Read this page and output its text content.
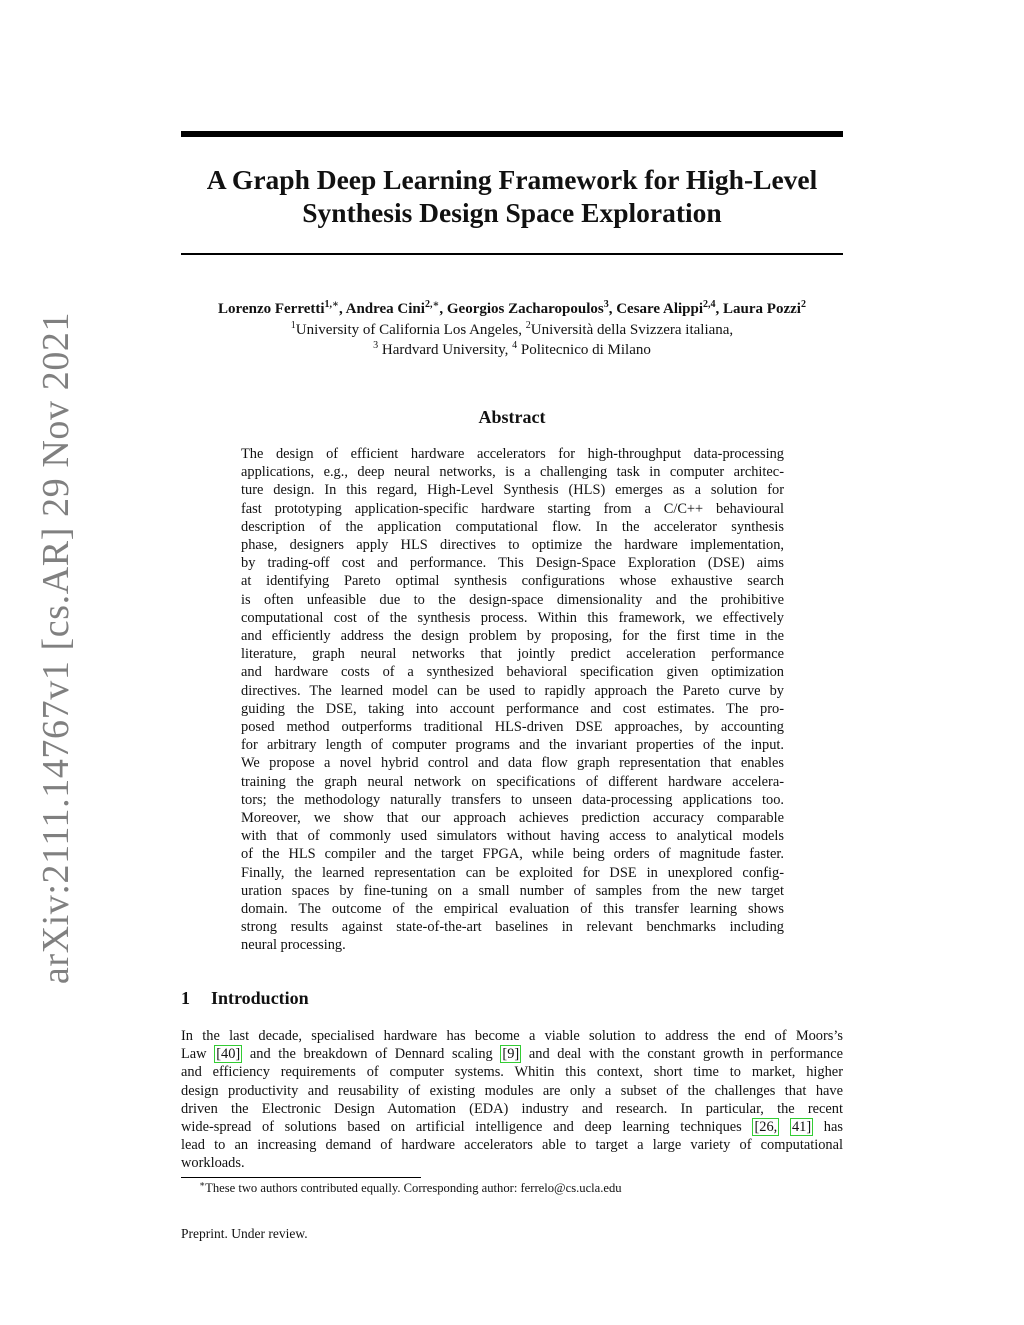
arXiv:2111.14767v1 [cs.AR] 29 Nov 2021
A Graph Deep Learning Framework for High-Level
Synthesis Design Space Exploration
Lorenzo Ferretti$^{1,∗}$, Andrea Cini$^{2,∗}$, Georgios Zacharopoulos$^3$, Cesare Alippi$^{2,4}$, Laura Pozzi$^2$
$^1$University of California Los Angeles, $^2$Università della Svizzera italiana,
$^3$ Hardvard University, $^4$ Politecnico di Milano
Abstract
The design of efficient hardware accelerators for high-throughput data-processing
applications, e.g., deep neural networks, is a challenging task in computer architec-
ture design. In this regard, High-Level Synthesis (HLS) emerges as a solution for
fast prototyping application-specific hardware starting from a C/C++ behavioural
description of the application computational flow. In the accelerator synthesis
phase, designers apply HLS directives to optimize the hardware implementation,
by trading-off cost and performance. This Design-Space Exploration (DSE) aims
at identifying Pareto optimal synthesis configurations whose exhaustive search
is often unfeasible due to the design-space dimensionality and the prohibitive
computational cost of the synthesis process. Within this framework, we effectively
and efficiently address the design problem by proposing, for the first time in the
literature, graph neural networks that jointly predict acceleration performance
and hardware costs of a synthesized behavioral specification given optimization
directives. The learned model can be used to rapidly approach the Pareto curve by
guiding the DSE, taking into account performance and cost estimates. The pro-
posed method outperforms traditional HLS-driven DSE approaches, by accounting
for arbitrary length of computer programs and the invariant properties of the input.
We propose a novel hybrid control and data flow graph representation that enables
training the graph neural network on specifications of different hardware accelera-
tors; the methodology naturally transfers to unseen data-processing applications too.
Moreover, we show that our approach achieves prediction accuracy comparable
with that of commonly used simulators without having access to analytical models
of the HLS compiler and the target FPGA, while being orders of magnitude faster.
Finally, the learned representation can be exploited for DSE in unexplored config-
uration spaces by fine-tuning on a small number of samples from the new target
domain. The outcome of the empirical evaluation of this transfer learning shows
strong results against state-of-the-art baselines in relevant benchmarks including
neural processing.
1 Introduction
In the last decade, specialised hardware has become a viable solution to address the end of Moors’s
Law [40] and the breakdown of Dennard scaling [9] and deal with the constant growth in performance
and efficiency requirements of computer systems. Whitin this context, short time to market, higher
design productivity and reusability of existing modules are only a subset of the challenges that have
driven the Electronic Design Automation (EDA) industry and research. In particular, the recent
wide-spread of solutions based on artificial intelligence and deep learning techniques [26, 41] has
lead to an increasing demand of hardware accelerators able to target a large variety of computational
workloads.
∗These two authors contributed equally. Corresponding author: ferrelo@cs.ucla.edu
Preprint. Under review.
